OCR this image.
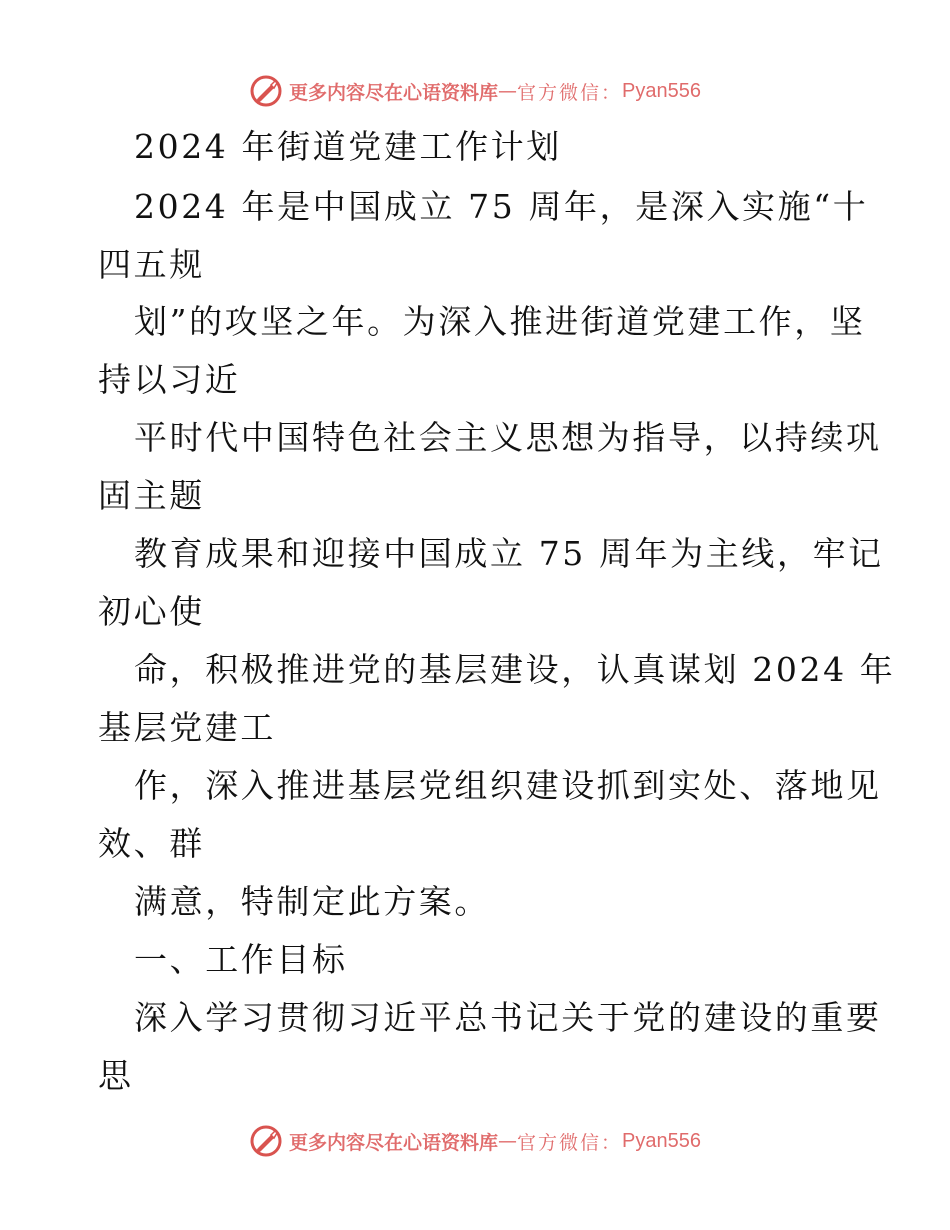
更多内容尽在心语资料库 — 官方微信： Pyan556
2024 年街道党建工作计划
2024 年是中国成立 75 周年，是深入实施“十
四五规
划”的攻坚之年。为深入推进街道党建工作，坚
持以习近
平时代中国特色社会主义思想为指导，以持续巩
固主题
教育成果和迎接中国成立 75 周年为主线，牢记
初心使
命，积极推进党的基层建设，认真谋划 2024 年
基层党建工
作，深入推进基层党组织建设抓到实处、落地见
效、群
满意，特制定此方案。
一、工作目标
深入学习贯彻习近平总书记关于党的建设的重要
思
更多内容尽在心语资料库 — 官方微信： Pyan556
